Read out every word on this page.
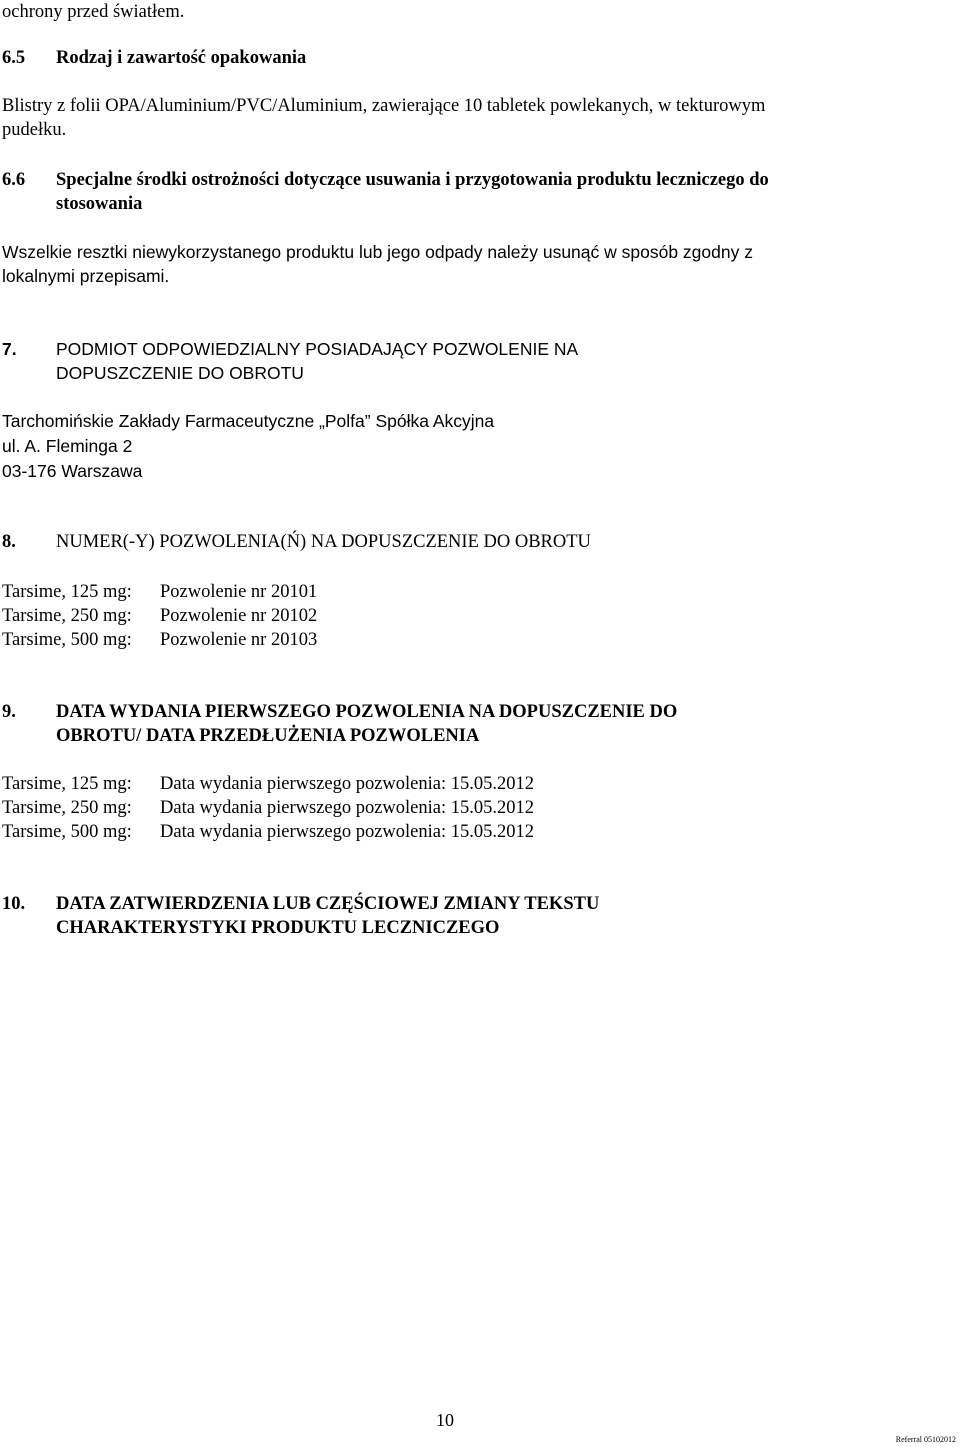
ochrony przed światłem.
6.5 Rodzaj i zawartość opakowania
Blistry z folii OPA/Aluminium/PVC/Aluminium, zawierające 10 tabletek powlekanych, w tekturowym
pudełku.
6.6 Specjalne środki ostrożności dotyczące usuwania i przygotowania produktu leczniczego do
stosowania
Wszelkie resztki niewykorzystanego produktu lub jego odpady należy usunąć w sposób zgodny z
lokalnymi przepisami.
7. PODMIOT ODPOWIEDZIALNY POSIADAJĄCY POZWOLENIE NA
DOPUSZCZENIE DO OBROTU
Tarchomińskie Zakłady Farmaceutyczne „Polfa” Spółka Akcyjna
ul. A. Fleminga 2
03-176 Warszawa
8. NUMER(-Y) POZWOLENIA(Ń) NA DOPUSZCZENIE DO OBROTU
Tarsime, 125 mg: Pozwolenie nr 20101
Tarsime, 250 mg: Pozwolenie nr 20102
Tarsime, 500 mg: Pozwolenie nr 20103
9. DATA WYDANIA PIERWSZEGO POZWOLENIA NA DOPUSZCZENIE DO
OBROTU/ DATA PRZEDŁUŻENIA POZWOLENIA
Tarsime, 125 mg: Data wydania pierwszego pozwolenia: 15.05.2012
Tarsime, 250 mg: Data wydania pierwszego pozwolenia: 15.05.2012
Tarsime, 500 mg: Data wydania pierwszego pozwolenia: 15.05.2012
10. DATA ZATWIERDZENIA LUB CZĘŚCIOWEJ ZMIANY TEKSTU
CHARAKTERYSTYKI PRODUKTU LECZNICZEGO
10
Referral 05102012
